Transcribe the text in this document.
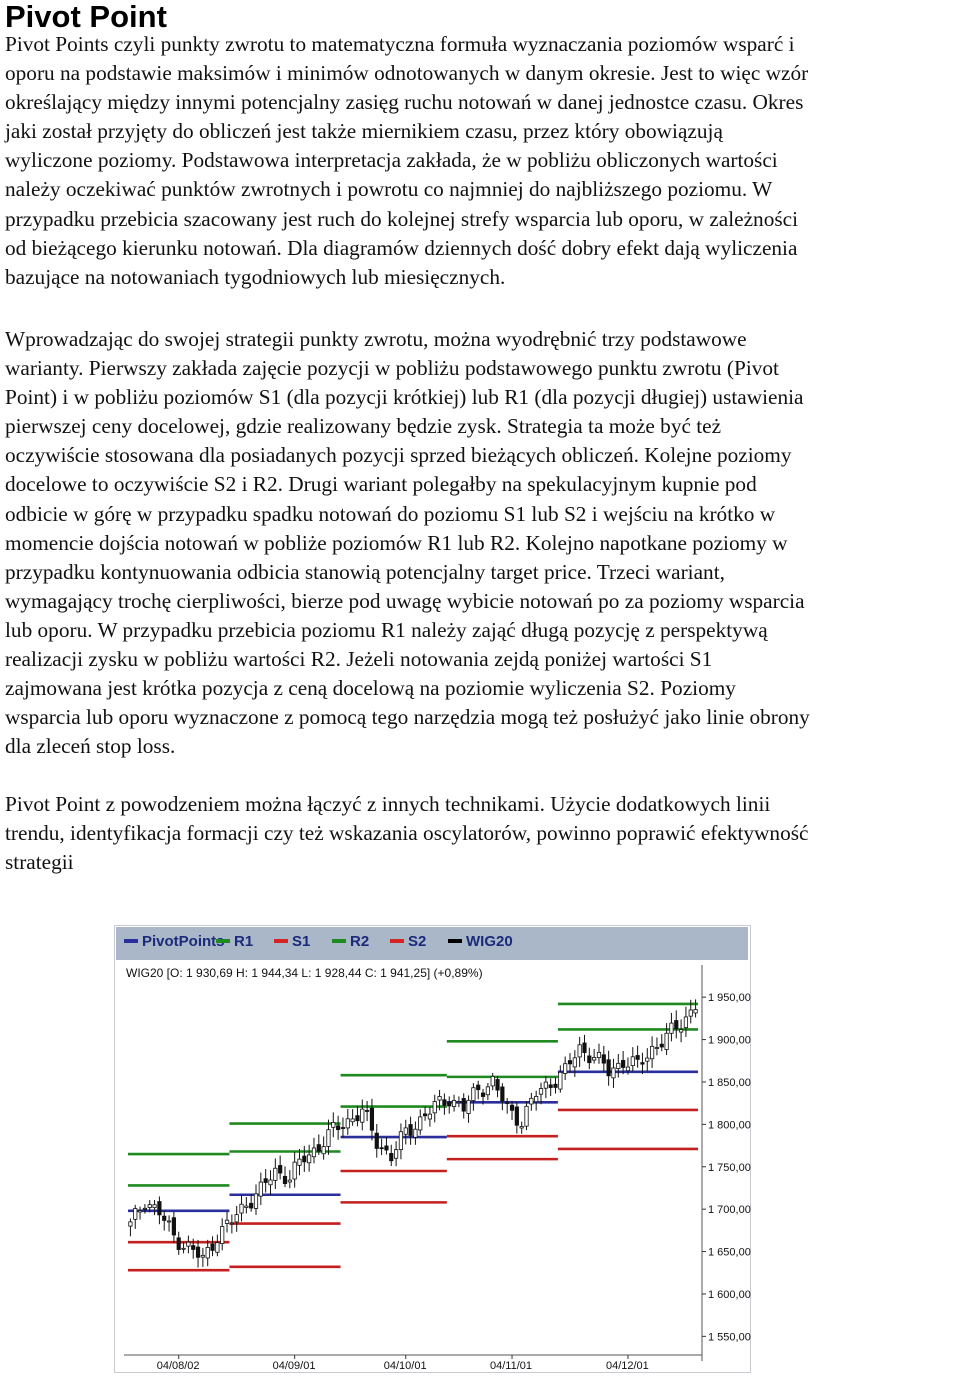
Pivot Point
Pivot Points czyli punkty zwrotu to matematyczna formuła wyznaczania poziomów wsparć i
oporu na podstawie maksimów i minimów odnotowanych w danym okresie. Jest to więc wzór
określający między innymi potencjalny zasięg ruchu notowań w danej jednostce czasu. Okres
jaki został przyjęty do obliczeń jest także miernikiem czasu, przez który obowiązują
wyliczone poziomy. Podstawowa interpretacja zakłada, że w pobliżu obliczonych wartości
należy oczekiwać punktów zwrotnych i powrotu co najmniej do najbliższego poziomu. W
przypadku przebicia szacowany jest ruch do kolejnej strefy wsparcia lub oporu, w zależności
od bieżącego kierunku notowań. Dla diagramów dziennych dość dobry efekt dają wyliczenia
bazujące na notowaniach tygodniowych lub miesięcznych.
Wprowadzając do swojej strategii punkty zwrotu, można wyodrębnić trzy podstawowe
warianty. Pierwszy zakłada zajęcie pozycji w pobliżu podstawowego punktu zwrotu (Pivot
Point) i w pobliżu poziomów S1 (dla pozycji krótkiej) lub R1 (dla pozycji długiej) ustawienia
pierwszej ceny docelowej, gdzie realizowany będzie zysk. Strategia ta może być też
oczywiście stosowana dla posiadanych pozycji sprzed bieżących obliczeń. Kolejne poziomy
docelowe to oczywiście S2 i R2. Drugi wariant polegałby na spekulacyjnym kupnie pod
odbicie w górę w przypadku spadku notowań do poziomu S1 lub S2 i wejściu na krótko w
momencie dojścia notowań w pobliże poziomów R1 lub R2. Kolejno napotkane poziomy w
przypadku kontynuowania odbicia stanowią potencjalny target price. Trzeci wariant,
wymagający trochę cierpliwości, bierze pod uwagę wybicie notowań po za poziomy wsparcia
lub oporu. W przypadku przebicia poziomu R1 należy zająć długą pozycję z perspektywą
realizacji zysku w pobliżu wartości R2. Jeżeli notowania zejdą poniżej wartości S1
zajmowana jest krótka pozycja z ceną docelową na poziomie wyliczenia S2. Poziomy
wsparcia lub oporu wyznaczone z pomocą tego narzędzia mogą też posłużyć jako linie obrony
dla zleceń stop loss.
Pivot Point z powodzeniem można łączyć z innych technikami. Użycie dodatkowych linii
trendu, identyfikacja formacji czy też wskazania oscylatorów, powinno poprawić efektywność
strategii
PivotPoints R1	S1	R2	S2	WIG20
WIG20 [O: 1 930,69 H: 1 944,34 L: 1 928,44 C: 1 941,25] (+0,89%)
1 950,00
1 900,00
1 850,00
1 800,00
1 750,00
1 700,00
1 650,00
1 600,00
1 550,00
04/08/02	04/09/01	04/10/01	04/11/01	04/12/01
